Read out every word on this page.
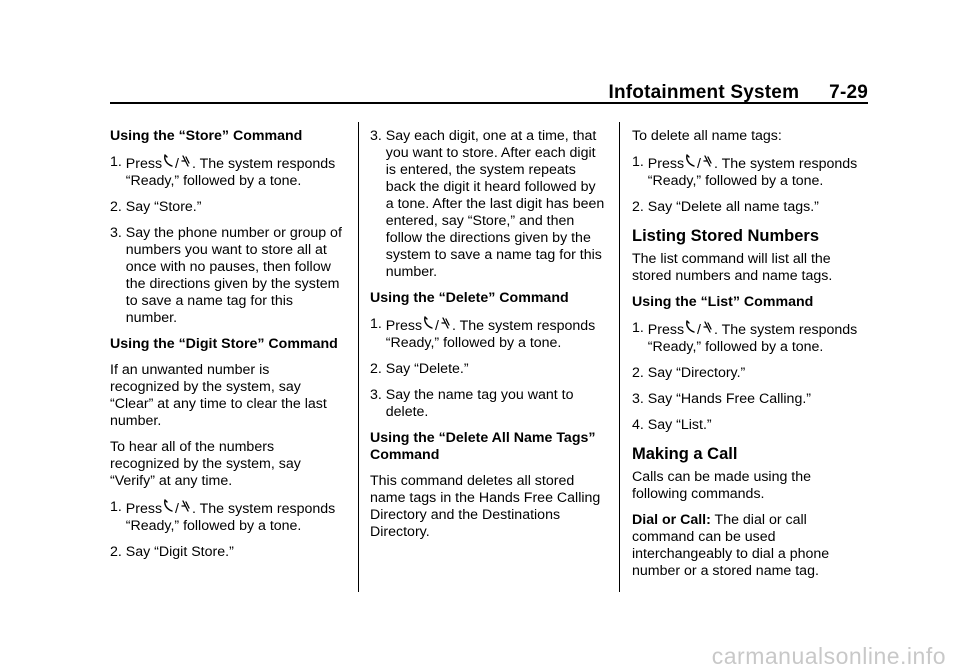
Infotainment System 7-29

Using the “Store” Command

1. Press / . The system responds “Ready,” followed by a tone.
2. Say “Store.”
3. Say the phone number or group of numbers you want to store all at once with no pauses, then follow the directions given by the system to save a name tag for this number.

Using the “Digit Store” Command

If an unwanted number is recognized by the system, say “Clear” at any time to clear the last number.

To hear all of the numbers recognized by the system, say “Verify” at any time.

1. Press / . The system responds “Ready,” followed by a tone.
2. Say “Digit Store.”
3. Say each digit, one at a time, that you want to store. After each digit is entered, the system repeats back the digit it heard followed by a tone. After the last digit has been entered, say “Store,” and then follow the directions given by the system to save a name tag for this number.

Using the “Delete” Command

1. Press / . The system responds “Ready,” followed by a tone.
2. Say “Delete.”
3. Say the name tag you want to delete.

Using the “Delete All Name Tags” Command

This command deletes all stored name tags in the Hands Free Calling Directory and the Destinations Directory.

To delete all name tags:

1. Press / . The system responds “Ready,” followed by a tone.
2. Say “Delete all name tags.”
Listing Stored Numbers

The list command will list all the stored numbers and name tags.

Using the “List” Command

1. Press / . The system responds “Ready,” followed by a tone.
2. Say “Directory.”
3. Say “Hands Free Calling.”
4. Say “List.”
Making a Call

Calls can be made using the following commands.

Dial or Call: The dial or call command can be used interchangeably to dial a phone number or a stored name tag.

carmanualsonline.info
